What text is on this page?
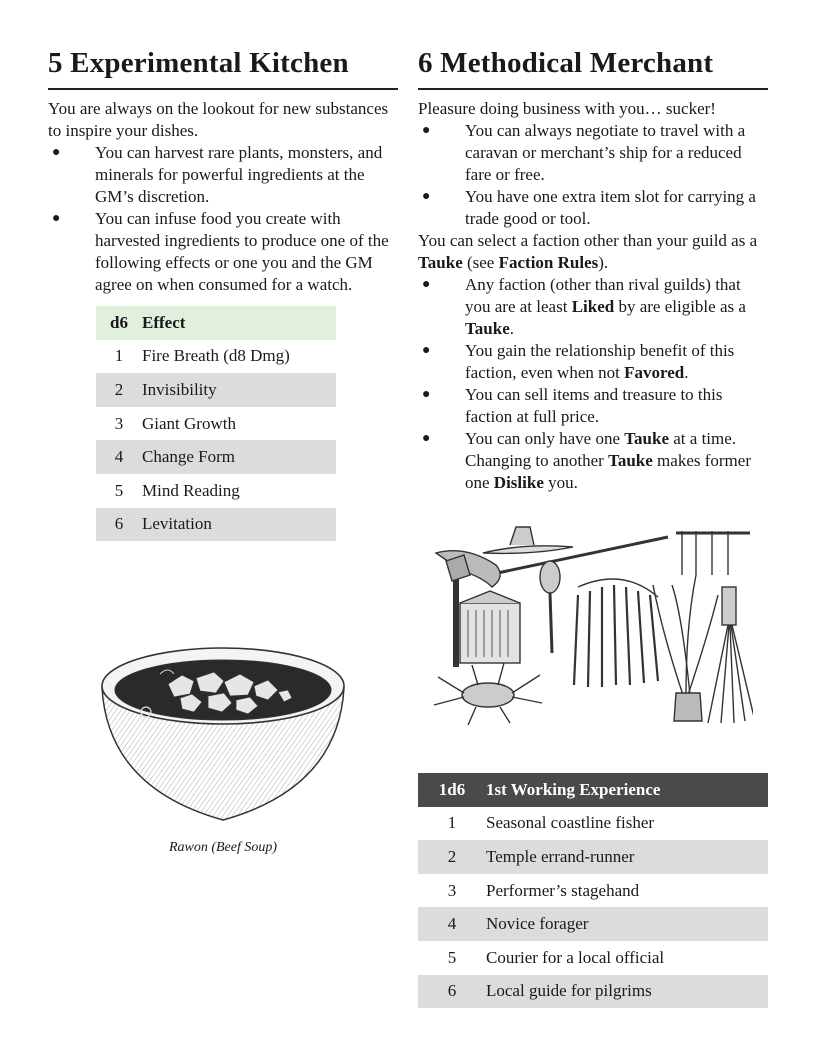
5 Experimental Kitchen

You are always on the lookout for new substances to inspire your dishes.

● You can harvest rare plants, monsters, and minerals for powerful ingredients at the GM’s discretion.
● You can infuse food you create with harvested ingredients to produce one of the following effects or one you and the GM agree on when consumed for a watch.
d6	Effect
1	Fire Breath (d8 Dmg)
2	Invisibility
3	Giant Growth
4	Change Form
5	Mind Reading
6	Levitation
6 Methodical Merchant

Pleasure doing business with you… sucker!

● You can always negotiate to travel with a caravan or merchant’s ship for a reduced fare or free.
● You have one extra item slot for carrying a trade good or tool.

You can select a faction other than your guild as a Tauke (see Faction Rules).

● Any faction (other than rival guilds) that you are at least Liked by are eligible as a Tauke.
● You gain the relationship benefit of this faction, even when not Favored.
● You can sell items and treasure to this faction at full price.
● You can only have one Tauke at a time. Changing to another Tauke makes former one Dislike you.
Rawon (Beef Soup)
1d6	1st Working Experience
1	Seasonal coastline fisher
2	Temple errand-runner
3	Performer’s stagehand
4	Novice forager
5	Courier for a local official
6	Local guide for pilgrims
